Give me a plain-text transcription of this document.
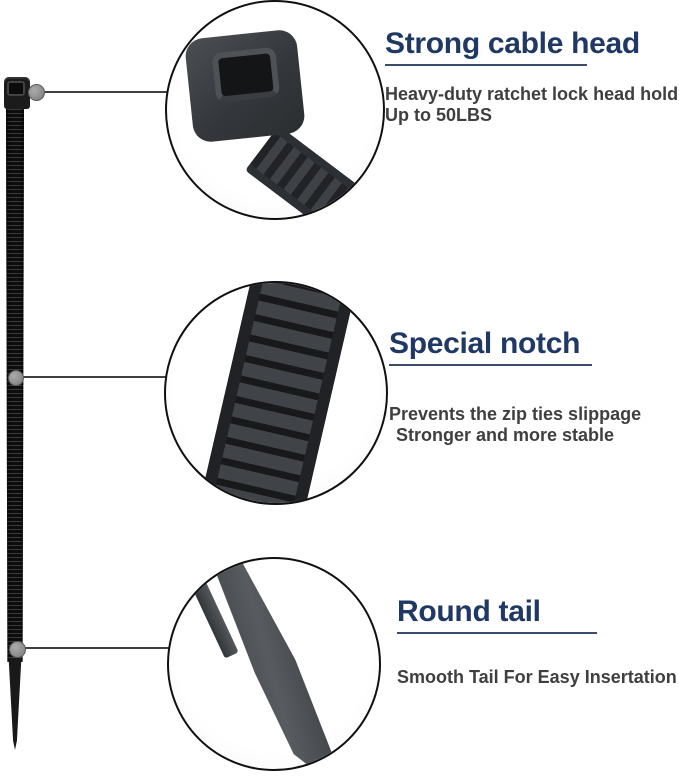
Strong cable head
Heavy-duty ratchet lock head hold
Up to 50LBS
Special notch
Prevents the zip ties slippage
Stronger and more stable
Round tail
Smooth Tail For Easy Insertation
